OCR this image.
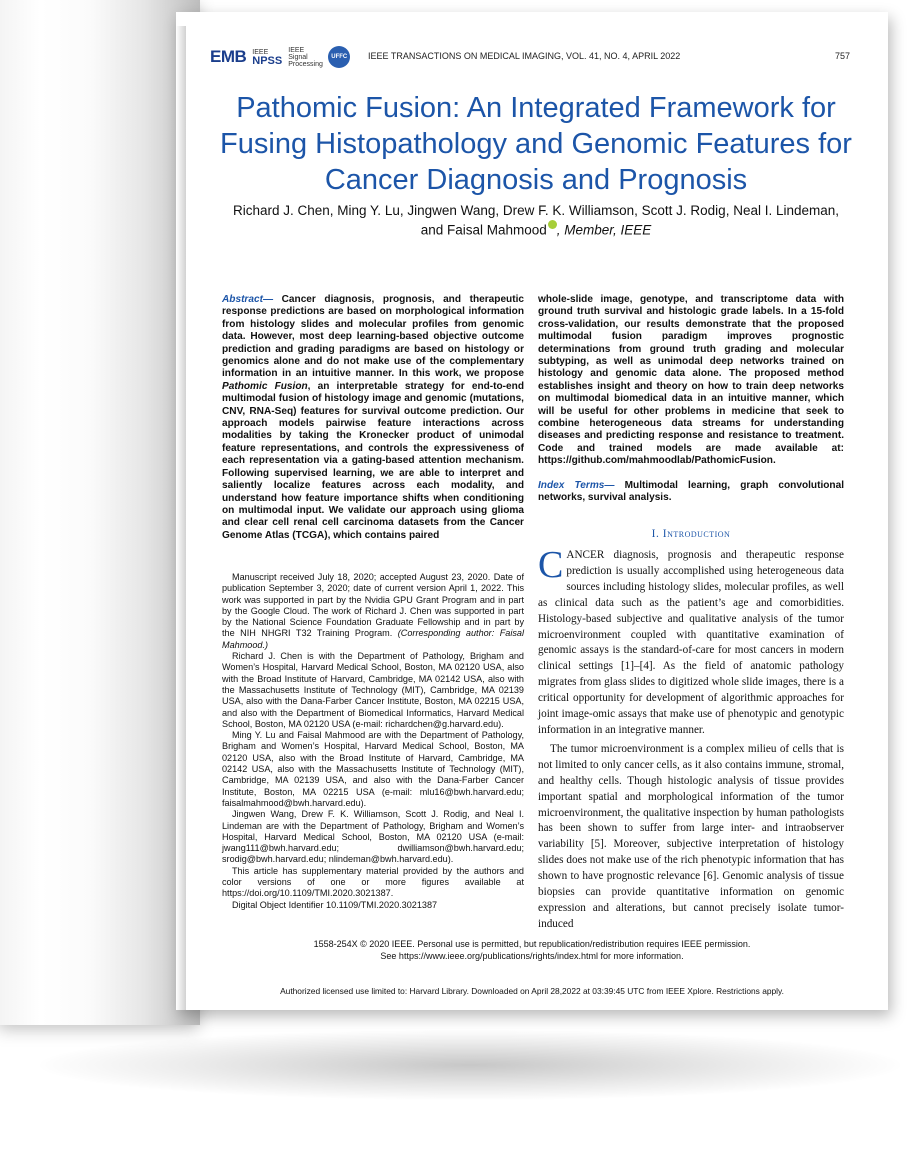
EMB IEEE
NPSS
IEEE Signal Processing
UFFC	IEEE TRANSACTIONS ON MEDICAL IMAGING, VOL. 41, NO. 4, APRIL 2022	757
Pathomic Fusion: An Integrated Framework for Fusing Histopathology and Genomic Features for Cancer Diagnosis and Prognosis
Richard J. Chen, Ming Y. Lu, Jingwen Wang, Drew F. K. Williamson, Scott J. Rodig, Neal I. Lindeman,
and Faisal Mahmood , Member, IEEE
Abstract— Cancer diagnosis, prognosis, and therapeutic response predictions are based on morphological information from histology slides and molecular profiles from genomic data. However, most deep learning-based objective outcome prediction and grading paradigms are based on histology or genomics alone and do not make use of the complementary information in an intuitive manner. In this work, we propose Pathomic Fusion, an interpretable strategy for end-to-end multimodal fusion of histology image and genomic (mutations, CNV, RNA-Seq) features for survival outcome prediction. Our approach models pairwise feature interactions across modalities by taking the Kronecker product of unimodal feature representations, and controls the expressiveness of each representation via a gating-based attention mechanism. Following supervised learning, we are able to interpret and saliently localize features across each modality, and understand how feature importance shifts when conditioning on multimodal input. We validate our approach using glioma and clear cell renal cell carcinoma datasets from the Cancer Genome Atlas (TCGA), which contains paired
whole-slide image, genotype, and transcriptome data with ground truth survival and histologic grade labels. In a 15-fold cross-validation, our results demonstrate that the proposed multimodal fusion paradigm improves prognostic determinations from ground truth grading and molecular subtyping, as well as unimodal deep networks trained on histology and genomic data alone. The proposed method establishes insight and theory on how to train deep networks on multimodal biomedical data in an intuitive manner, which will be useful for other problems in medicine that seek to combine heterogeneous data streams for understanding diseases and predicting response and resistance to treatment. Code and trained models are made available at: https://github.com/mahmoodlab/PathomicFusion.
Index Terms— Multimodal learning, graph convolutional networks, survival analysis.
I. Introduction

CANCER diagnosis, prognosis and therapeutic response prediction is usually accomplished using heterogeneous data sources including histology slides, molecular profiles, as well as clinical data such as the patient’s age and comorbidities. Histology-based subjective and qualitative analysis of the tumor microenvironment coupled with quantitative examination of genomic assays is the standard-of-care for most cancers in modern clinical settings [1]–[4]. As the field of anatomic pathology migrates from glass slides to digitized whole slide images, there is a critical opportunity for development of algorithmic approaches for joint image-omic assays that make use of phenotypic and genotypic information in an integrative manner.

The tumor microenvironment is a complex milieu of cells that is not limited to only cancer cells, as it also contains immune, stromal, and healthy cells. Though histologic analysis of tissue provides important spatial and morphological information of the tumor microenvironment, the qualitative inspection by human pathologists has been shown to suffer from large inter- and intraobserver variability [5]. Moreover, subjective interpretation of histology slides does not make use of the rich phenotypic information that has shown to have prognostic relevance [6]. Genomic analysis of tissue biopsies can provide quantitative information on genomic expression and alterations, but cannot precisely isolate tumor-induced

Manuscript received July 18, 2020; accepted August 23, 2020. Date of publication September 3, 2020; date of current version April 1, 2022. This work was supported in part by the Nvidia GPU Grant Program and in part by the Google Cloud. The work of Richard J. Chen was supported in part by the National Science Foundation Graduate Fellowship and in part by the NIH NHGRI T32 Training Program. (Corresponding author: Faisal Mahmood.)

Richard J. Chen is with the Department of Pathology, Brigham and Women’s Hospital, Harvard Medical School, Boston, MA 02120 USA, also with the Broad Institute of Harvard, Cambridge, MA 02142 USA, also with the Massachusetts Institute of Technology (MIT), Cambridge, MA 02139 USA, also with the Dana-Farber Cancer Institute, Boston, MA 02215 USA, and also with the Department of Biomedical Informatics, Harvard Medical School, Boston, MA 02120 USA (e-mail: richardchen@g.harvard.edu).

Ming Y. Lu and Faisal Mahmood are with the Department of Pathology, Brigham and Women’s Hospital, Harvard Medical School, Boston, MA 02120 USA, also with the Broad Institute of Harvard, Cambridge, MA 02142 USA, also with the Massachusetts Institute of Technology (MIT), Cambridge, MA 02139 USA, and also with the Dana-Farber Cancer Institute, Boston, MA 02215 USA (e-mail: mlu16@bwh.harvard.edu; faisalmahmood@bwh.harvard.edu).

Jingwen Wang, Drew F. K. Williamson, Scott J. Rodig, and Neal I. Lindeman are with the Department of Pathology, Brigham and Women’s Hospital, Harvard Medical School, Boston, MA 02120 USA (e-mail: jwang111@bwh.harvard.edu; dwilliamson@bwh.harvard.edu; srodig@bwh.harvard.edu; nlindeman@bwh.harvard.edu).

This article has supplementary material provided by the authors and color versions of one or more figures available at https://doi.org/10.1109/TMI.2020.3021387.

Digital Object Identifier 10.1109/TMI.2020.3021387

1558-254X © 2020 IEEE. Personal use is permitted, but republication/redistribution requires IEEE permission.
See https://www.ieee.org/publications/rights/index.html for more information.
Authorized licensed use limited to: Harvard Library. Downloaded on April 28,2022 at 03:39:45 UTC from IEEE Xplore. Restrictions apply.
